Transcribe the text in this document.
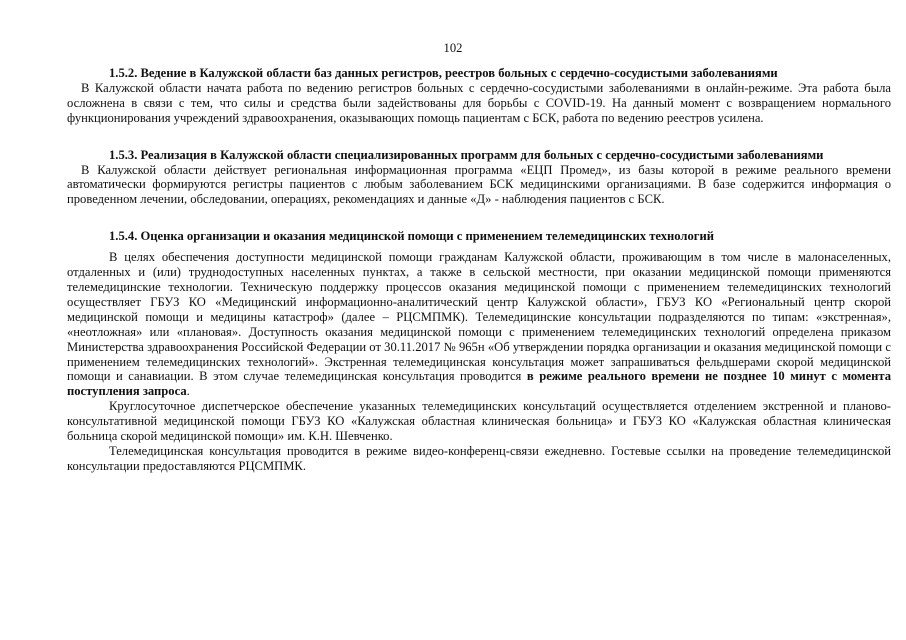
102
1.5.2. Ведение в Калужской области баз данных регистров, реестров больных с сердечно-сосудистыми заболеваниями

В Калужской области начата работа по ведению регистров больных с сердечно-сосудистыми заболеваниями в онлайн-режиме. Эта работа была осложнена в связи с тем, что силы и средства были задействованы для борьбы с COVID-19. На данный момент с возвращением нормального функционирования учреждений здравоохранения, оказывающих помощь пациентам с БСК, работа по ведению реестров усилена.

1.5.3. Реализация в Калужской области специализированных программ для больных с сердечно-сосудистыми заболеваниями

В Калужской области действует региональная информационная программа «ЕЦП Промед», из базы которой в режиме реального времени автоматически формируются регистры пациентов с любым заболеванием БСК медицинскими организациями. В базе содержится информация о проведенном лечении, обследовании, операциях, рекомендациях и данные «Д» - наблюдения пациентов с БСК.

1.5.4. Оценка организации и оказания медицинской помощи с применением телемедицинских технологий

В целях обеспечения доступности медицинской помощи гражданам Калужской области, проживающим в том числе в малонаселенных, отдаленных и (или) труднодоступных населенных пунктах, а также в сельской местности, при оказании медицинской помощи применяются телемедицинские технологии. Техническую поддержку процессов оказания медицинской помощи с применением телемедицинских технологий осуществляет ГБУЗ КО «Медицинский информационно-аналитический центр Калужской области», ГБУЗ КО «Региональный центр скорой медицинской помощи и медицины катастроф» (далее – РЦСМПМК). Телемедицинские консультации подразделяются по типам: «экстренная», «неотложная» или «плановая». Доступность оказания медицинской помощи с применением телемедицинских технологий определена приказом Министерства здравоохранения Российской Федерации от 30.11.2017 № 965н «Об утверждении порядка организации и оказания медицинской помощи с применением телемедицинских технологий». Экстренная телемедицинская консультация может запрашиваться фельдшерами скорой медицинской помощи и санавиации. В этом случае телемедицинская консультация проводится в режиме реального времени не позднее 10 минут с момента поступления запроса.

Круглосуточное диспетчерское обеспечение указанных телемедицинских консультаций осуществляется отделением экстренной и планово-консультативной медицинской помощи ГБУЗ КО «Калужская областная клиническая больница» и ГБУЗ КО «Калужская областная клиническая больница скорой медицинской помощи» им. К.Н. Шевченко.

Телемедицинская консультация проводится в режиме видео-конференц-связи ежедневно. Гостевые ссылки на проведение телемедицинской консультации предоставляются РЦСМПМК.
